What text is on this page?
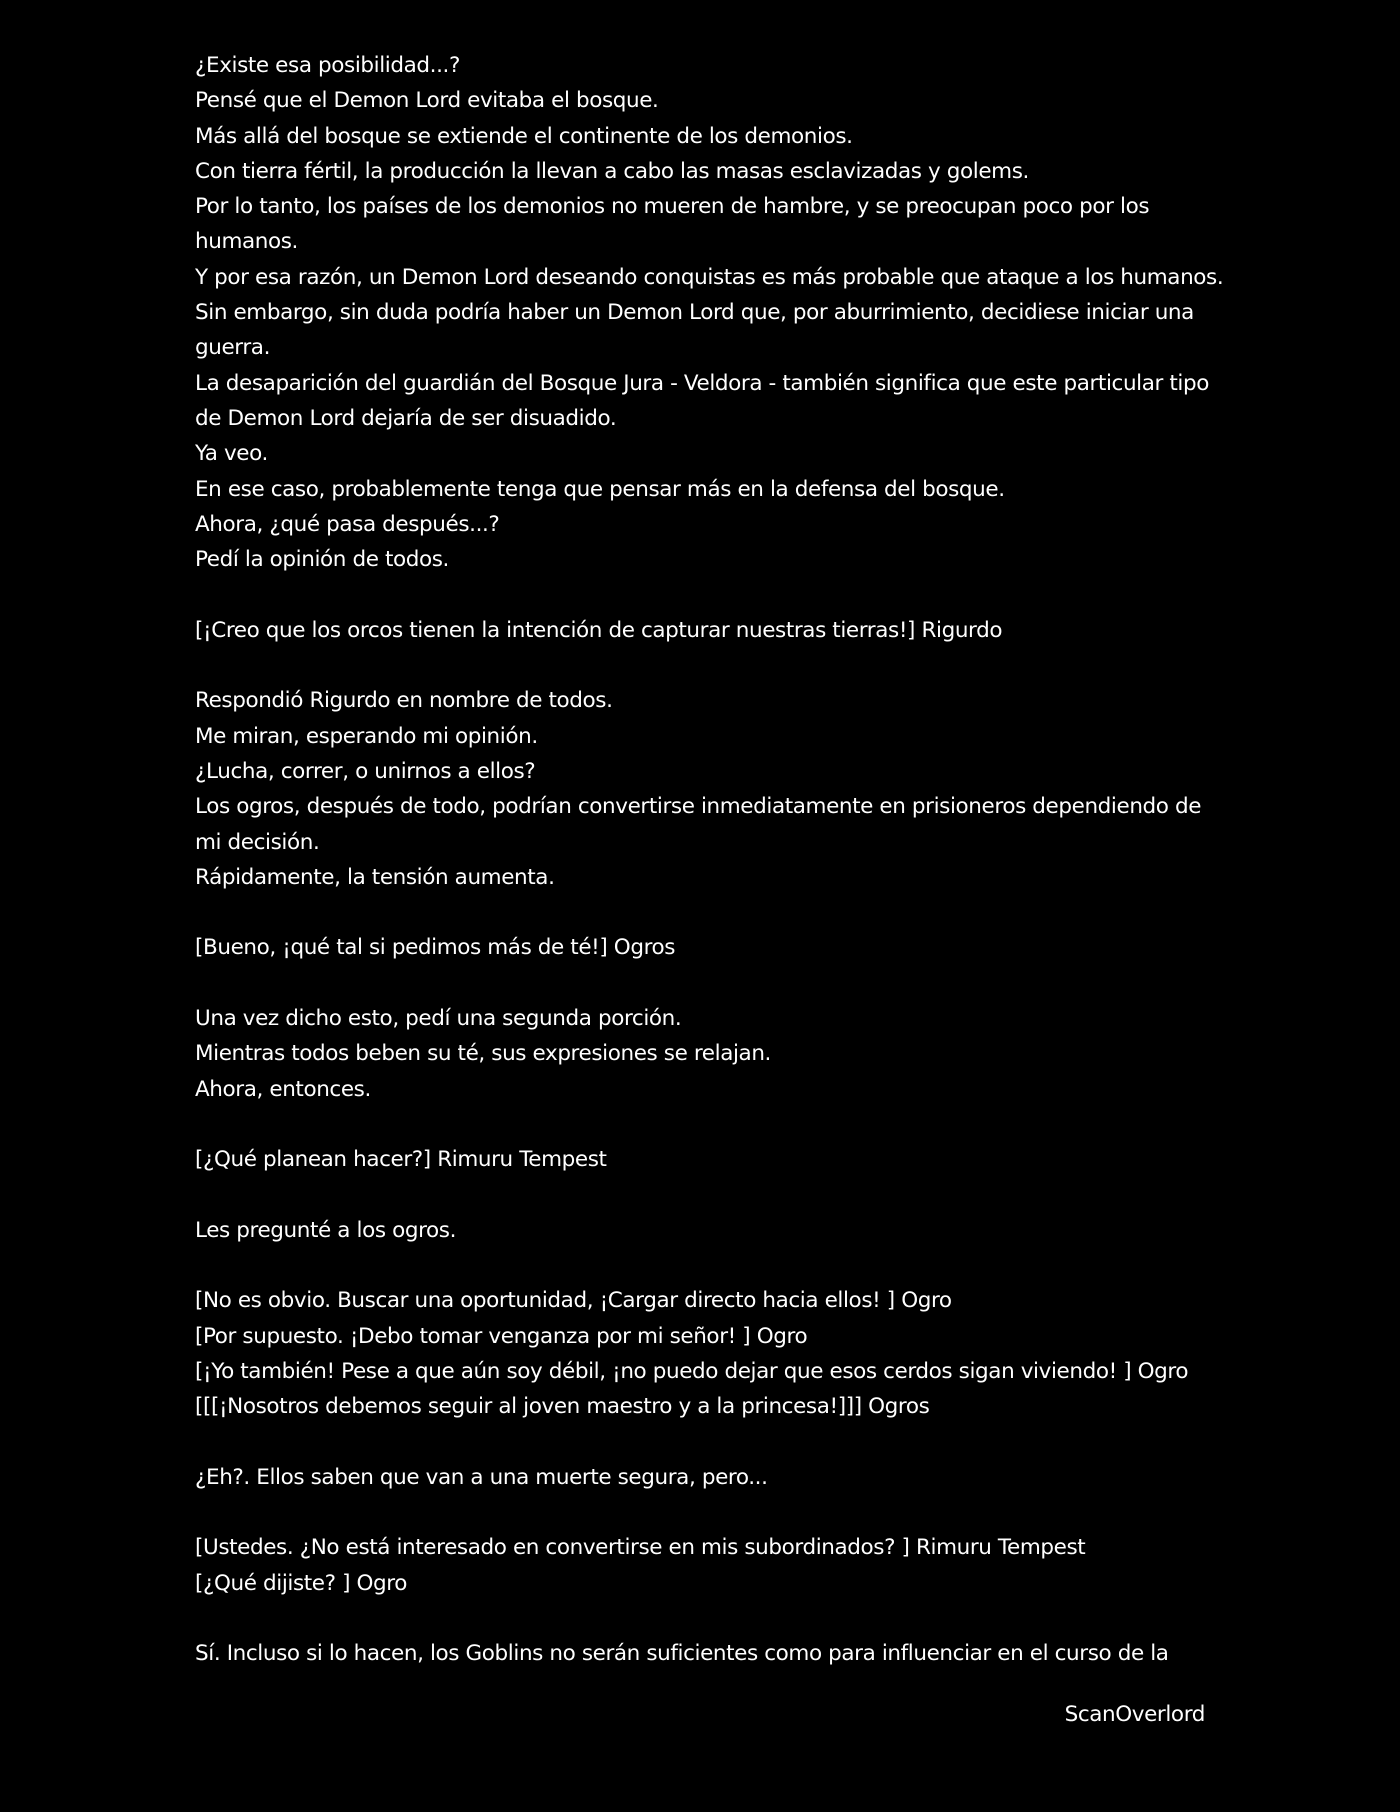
¿Existe esa posibilidad...?
Pensé que el Demon Lord evitaba el bosque.
Más allá del bosque se extiende el continente de los demonios.
Con tierra fértil, la producción la llevan a cabo las masas esclavizadas y golems.
Por lo tanto, los países de los demonios no mueren de hambre, y se preocupan poco por los
humanos.
Y por esa razón, un Demon Lord deseando conquistas es más probable que ataque a los humanos.
Sin embargo, sin duda podría haber un Demon Lord que, por aburrimiento, decidiese iniciar una
guerra.
La desaparición del guardián del Bosque Jura - Veldora - también significa que este particular tipo
de Demon Lord dejaría de ser disuadido.
Ya veo.
En ese caso, probablemente tenga que pensar más en la defensa del bosque.
Ahora, ¿qué pasa después...?
Pedí la opinión de todos.
[¡Creo que los orcos tienen la intención de capturar nuestras tierras!] Rigurdo
Respondió Rigurdo en nombre de todos.
Me miran, esperando mi opinión.
¿Lucha, correr, o unirnos a ellos?
Los ogros, después de todo, podrían convertirse inmediatamente en prisioneros dependiendo de
mi decisión.
Rápidamente, la tensión aumenta.
[Bueno, ¡qué tal si pedimos más de té!] Ogros
Una vez dicho esto, pedí una segunda porción.
Mientras todos beben su té, sus expresiones se relajan.
Ahora, entonces.
[¿Qué planean hacer?] Rimuru Tempest
Les pregunté a los ogros.
[No es obvio. Buscar una oportunidad, ¡Cargar directo hacia ellos! ] Ogro
[Por supuesto. ¡Debo tomar venganza por mi señor! ] Ogro
[¡Yo también! Pese a que aún soy débil, ¡no puedo dejar que esos cerdos sigan viviendo! ] Ogro
[[[¡Nosotros debemos seguir al joven maestro y a la princesa!]]] Ogros
¿Eh?. Ellos saben que van a una muerte segura, pero...
[Ustedes. ¿No está interesado en convertirse en mis subordinados? ] Rimuru Tempest
[¿Qué dijiste? ] Ogro
Sí. Incluso si lo hacen, los Goblins no serán suficientes como para influenciar en el curso de la
ScanOverlord
